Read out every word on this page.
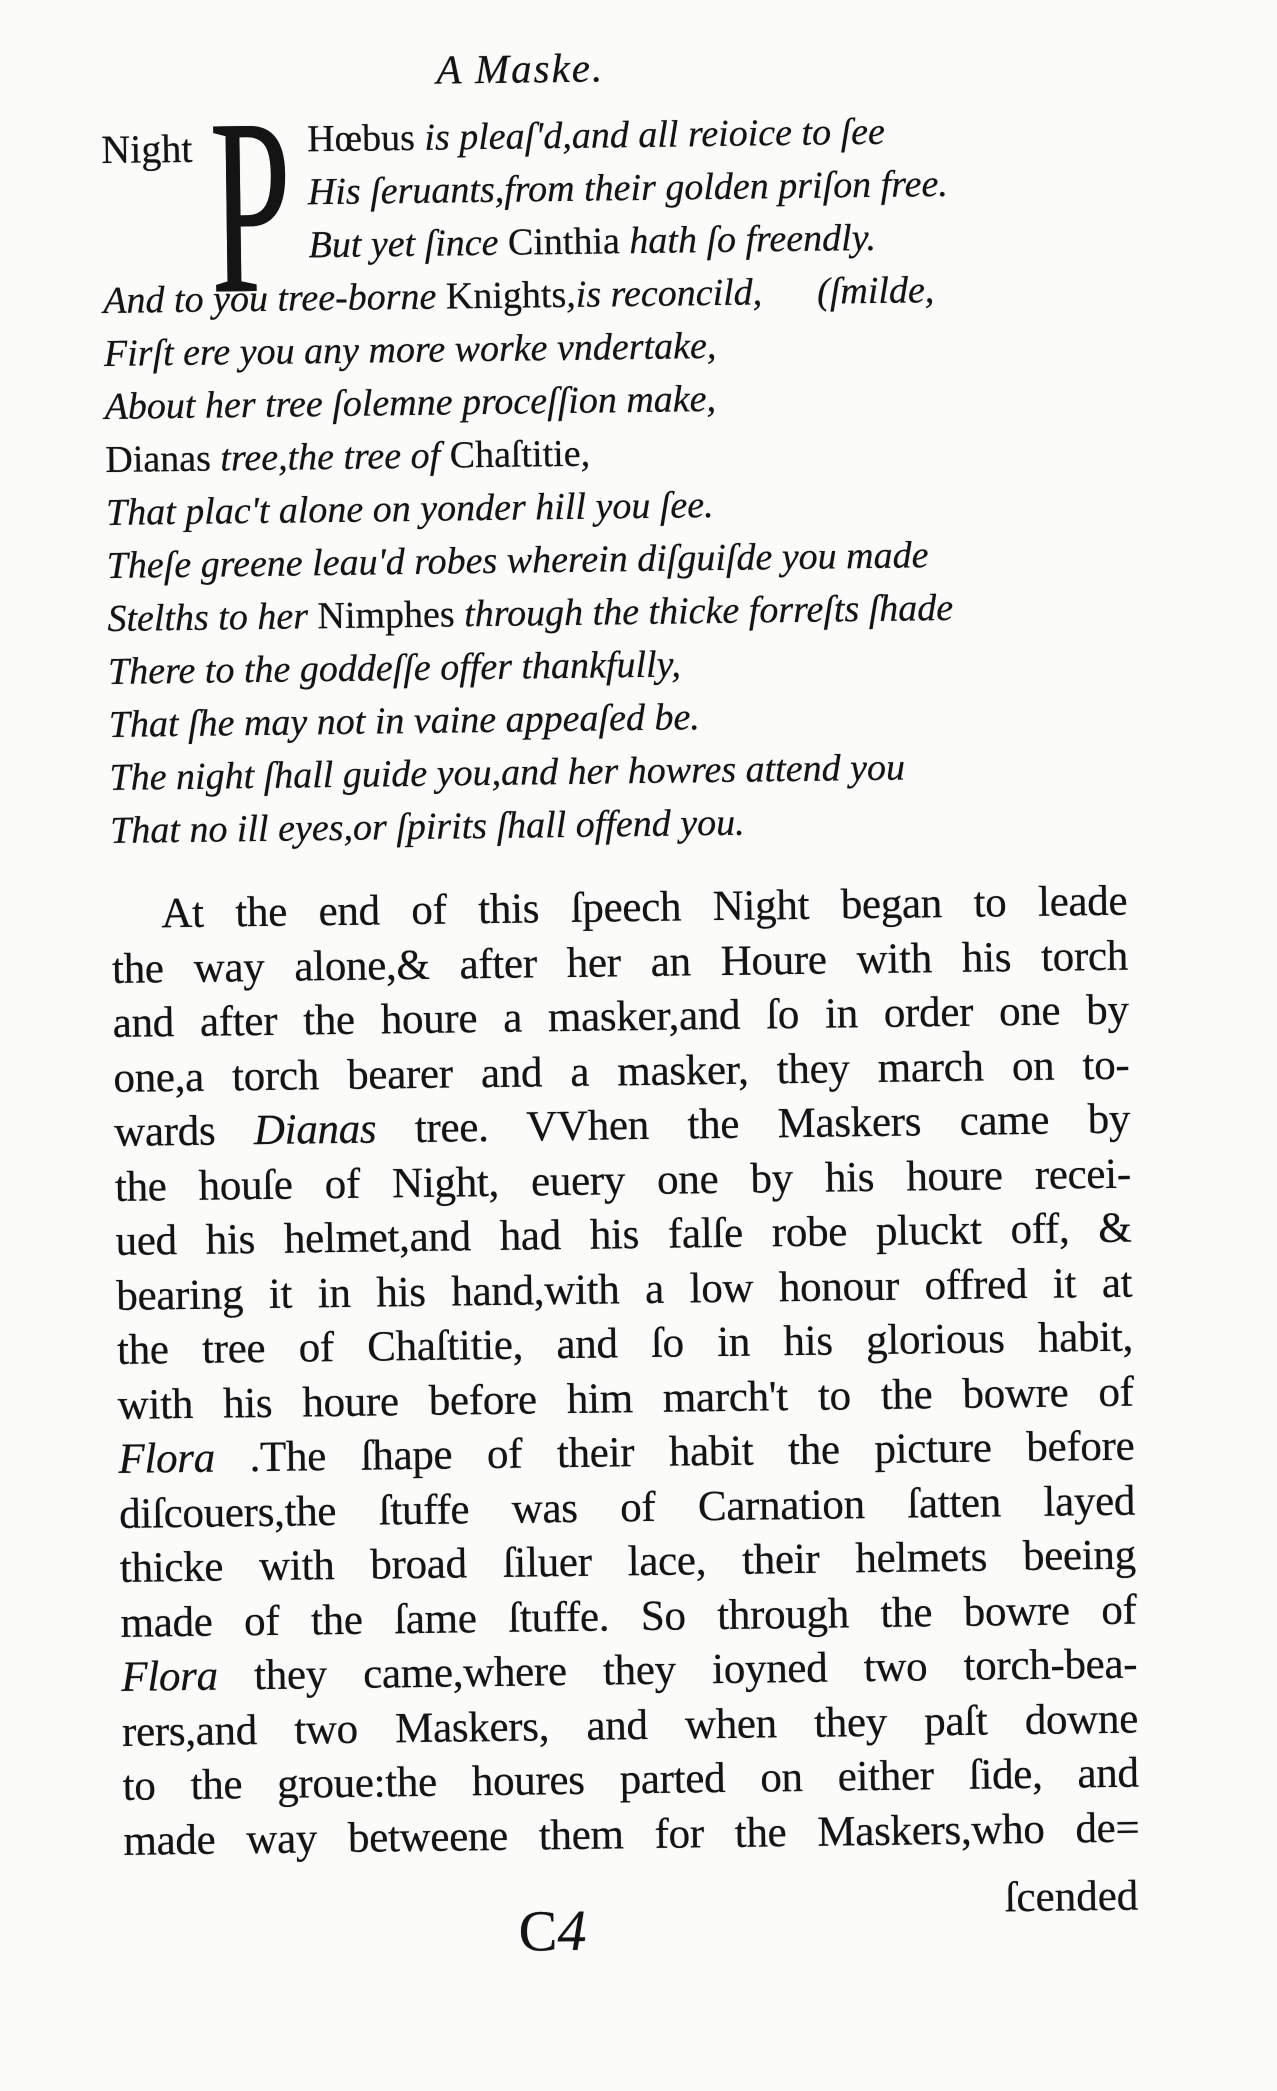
A Maske.
Night P Hœbus is pleaſ'd,and all reioice to ſee
His ſeruants,from their golden priſon free.
But yet ſince Cinthia hath ſo freendly.
And to you tree-borne Knights,is reconcild, (ſmilde,
Firſt ere you any more worke vndertake,
About her tree ſolemne proceſſion make,
Dianas tree,the tree of Chaſtitie,
That plac't alone on yonder hill you ſee.
Theſe greene leau'd robes wherein diſguiſde you made
Stelths to her Nimphes through the thicke forreſts ſhade
There to the goddeſſe offer thankfully,
That ſhe may not in vaine appeaſed be.
The night ſhall guide you,and her howres attend you
That no ill eyes,or ſpirits ſhall offend you.
At the end of this ſpeech Night began to leade
the way alone,& after her an Houre with his torch
and after the houre a masker,and ſo in order one by
one,a torch bearer and a masker, they march on to-
wards Dianas tree. VVhen the Maskers came by
the houſe of Night, euery one by his houre recei-
ued his helmet,and had his falſe robe pluckt off, &
bearing it in his hand,with a low honour offred it at
the tree of Chaſtitie, and ſo in his glorious habit,
with his houre before him march't to the bowre of
Flora .The ſhape of their habit the picture before
diſcouers,the ſtuffe was of Carnation ſatten layed
thicke with broad ſiluer lace, their helmets beeing
made of the ſame ſtuffe. So through the bowre of
Flora they came,where they ioyned two torch-bea-
rers,and two Maskers, and when they paſt downe
to the groue:the houres parted on either ſide, and
made way betweene them for the Maskers,who de=
C4
ſcended
